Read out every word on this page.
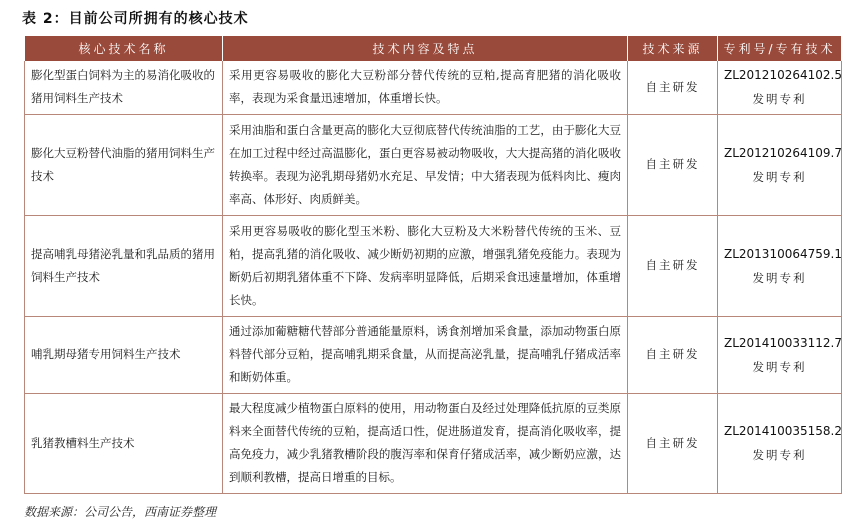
表 2：目前公司所拥有的核心技术
核心技术名称	技术内容及特点	技术来源	专利号/专有技术
膨化型蛋白饲料为主的易消化吸收的猪用饲料生产技术	采用更容易吸收的膨化大豆粉部分替代传统的豆粕,提高育肥猪的消化吸收率，表现为采食量迅速增加，体重增长快。	自主研发	ZL201210264102.5
发明专利

膨化大豆粉替代油脂的猪用饲料生产技术	采用油脂和蛋白含量更高的膨化大豆彻底替代传统油脂的工艺，由于膨化大豆在加工过程中经过高温膨化，蛋白更容易被动物吸收，大大提高猪的消化吸收转换率。表现为泌乳期母猪奶水充足、早发情；中大猪表现为低料肉比、瘦肉率高、体形好、肉质鲜美。	自主研发	ZL201210264109.7
发明专利

提高哺乳母猪泌乳量和乳品质的猪用饲料生产技术	采用更容易吸收的膨化型玉米粉、膨化大豆粉及大米粉替代传统的玉米、豆粕，提高乳猪的消化吸收、减少断奶初期的应激，增强乳猪免疫能力。表现为断奶后初期乳猪体重不下降、发病率明显降低，后期采食迅速量增加，体重增长快。	自主研发	ZL201310064759.1
发明专利

哺乳期母猪专用饲料生产技术	通过添加葡糖糖代替部分普通能量原料，诱食剂增加采食量，添加动物蛋白原料替代部分豆粕，提高哺乳期采食量，从而提高泌乳量，提高哺乳仔猪成活率和断奶体重。	自主研发	ZL201410033112.7
发明专利

乳猪教槽料生产技术	最大程度减少植物蛋白原料的使用，用动物蛋白及经过处理降低抗原的豆类原料来全面替代传统的豆粕，提高适口性，促进肠道发育，提高消化吸收率，提高免疫力，减少乳猪教槽阶段的腹泻率和保育仔猪成活率，减少断奶应激，达到顺利教槽，提高日增重的目标。	自主研发	ZL201410035158.2
发明专利
数据来源：公司公告，西南证券整理
